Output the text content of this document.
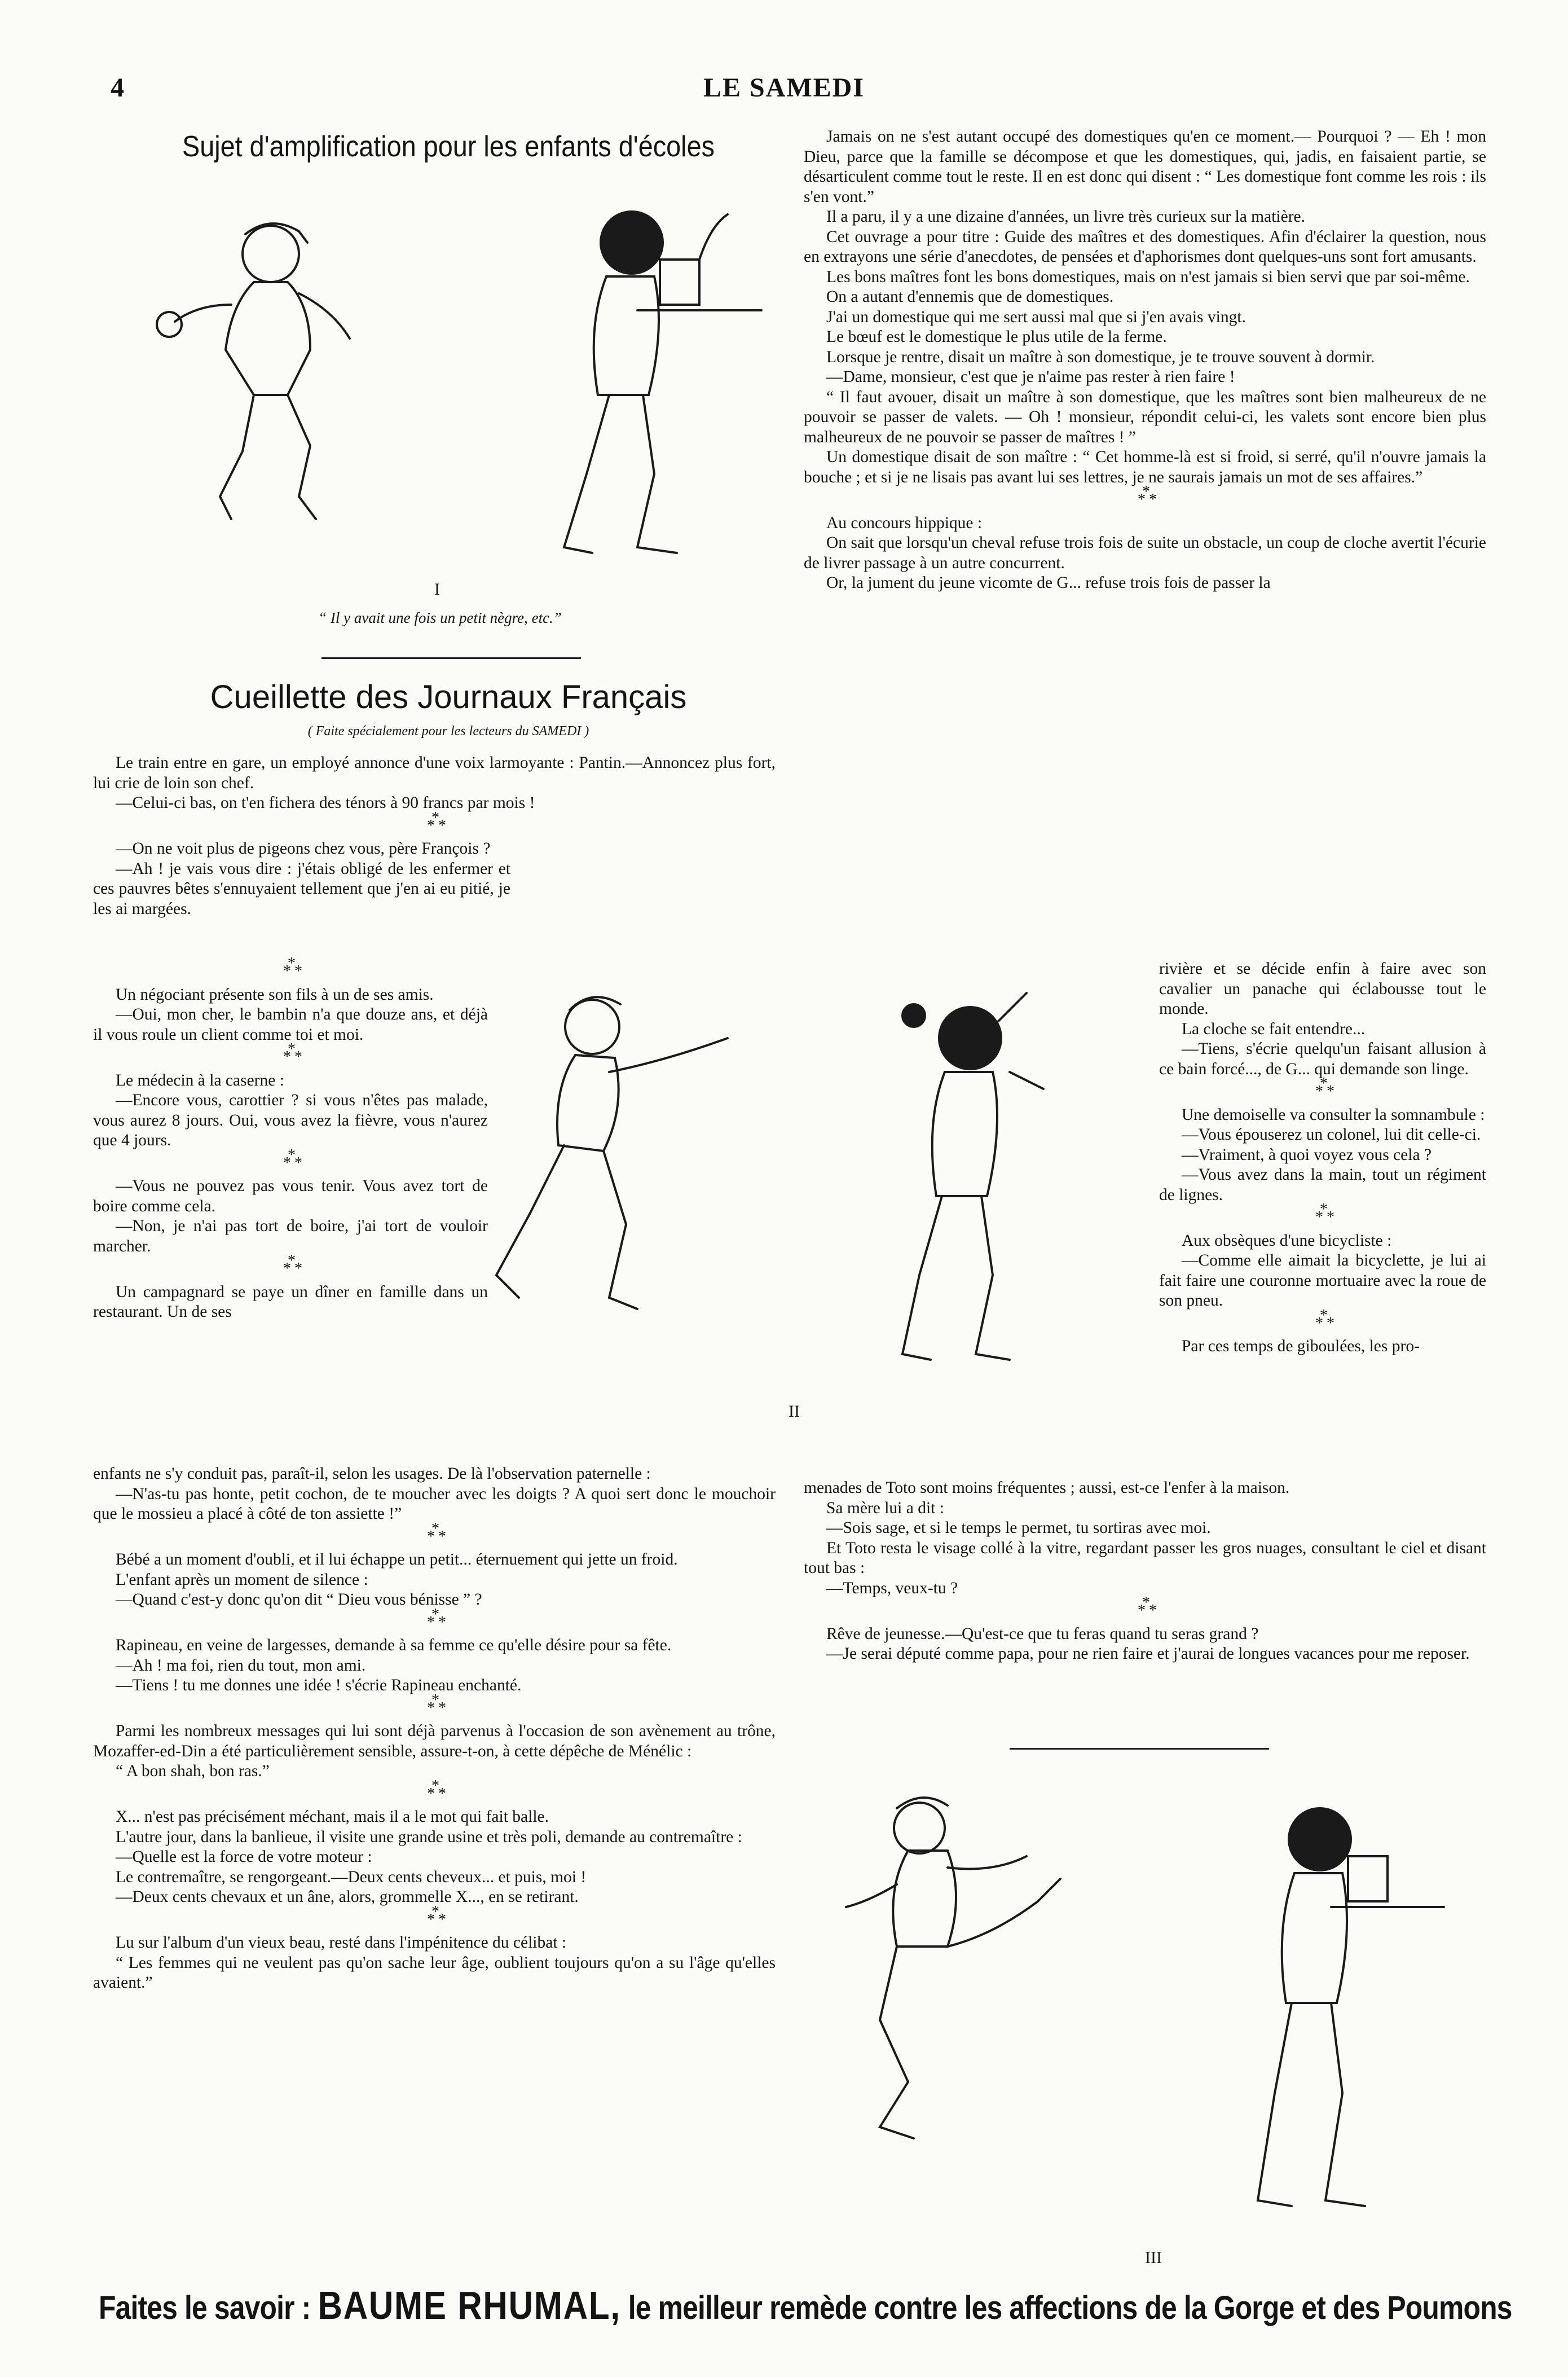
4	LE SAMEDI
Sujet d'amplification pour les enfants d'écoles
I
“ Il y avait une fois un petit nègre, etc.”
Cueillette des Journaux Français
( Faite spécialement pour les lecteurs du SAMEDI )

Le train entre en gare, un employé annonce d'une voix larmoyante : Pantin.—Annoncez plus fort, lui crie de loin son chef.

—Celui-ci bas, on t'en fichera des ténors à 90 francs par mois !

* **

—On ne voit plus de pigeons chez vous, père François ?

—Ah ! je vais vous dire : j'étais obligé de les enfermer et ces pauvres bêtes s'ennuyaient tellement que j'en ai eu pitié, je les ai margées.

* **

Un négociant présente son fils à un de ses amis.

—Oui, mon cher, le bambin n'a que douze ans, et déjà il vous roule un client comme toi et moi.

* **

Le médecin à la caserne :

—Encore vous, carottier ? si vous n'êtes pas malade, vous aurez 8 jours. Oui, vous avez la fièvre, vous n'aurez que 4 jours.

* **

—Vous ne pouvez pas vous tenir. Vous avez tort de boire comme cela.

—Non, je n'ai pas tort de boire, j'ai tort de vouloir marcher.

* **

Un campagnard se paye un dîner en famille dans un restaurant. Un de ses

II

enfants ne s'y conduit pas, paraît-il, selon les usages. De là l'observation paternelle :

—N'as-tu pas honte, petit cochon, de te moucher avec les doigts ? A quoi sert donc le mouchoir que le mossieu a placé à côté de ton assiette !”

* **

Bébé a un moment d'oubli, et il lui échappe un petit... éternuement qui jette un froid.

L'enfant après un moment de silence :

—Quand c'est-y donc qu'on dit “ Dieu vous bénisse ” ?

* **

Rapineau, en veine de largesses, demande à sa femme ce qu'elle désire pour sa fête.

—Ah ! ma foi, rien du tout, mon ami.

—Tiens ! tu me donnes une idée ! s'écrie Rapineau enchanté.

* **

Parmi les nombreux messages qui lui sont déjà parvenus à l'occasion de son avènement au trône, Mozaffer-ed-Din a été particulièrement sensible, assure-t-on, à cette dépêche de Ménélic :

“ A bon shah, bon ras.”

* **

X... n'est pas précisément méchant, mais il a le mot qui fait balle.

L'autre jour, dans la banlieue, il visite une grande usine et très poli, demande au contremaître :

—Quelle est la force de votre moteur :

Le contremaître, se rengorgeant.—Deux cents cheveux... et puis, moi !

—Deux cents chevaux et un âne, alors, grommelle X..., en se retirant.

* **

Lu sur l'album d'un vieux beau, resté dans l'impénitence du célibat :

“ Les femmes qui ne veulent pas qu'on sache leur âge, oublient toujours qu'on a su l'âge qu'elles avaient.”

Jamais on ne s'est autant occupé des domestiques qu'en ce moment.— Pourquoi ? — Eh ! mon Dieu, parce que la famille se décompose et que les domestiques, qui, jadis, en faisaient partie, se désarticulent comme tout le reste. Il en est donc qui disent : “ Les domestique font comme les rois : ils s'en vont.”

Il a paru, il y a une dizaine d'années, un livre très curieux sur la matière.

Cet ouvrage a pour titre : Guide des maîtres et des domestiques. Afin d'éclairer la question, nous en extrayons une série d'anecdotes, de pensées et d'aphorismes dont quelques-uns sont fort amusants.

Les bons maîtres font les bons domestiques, mais on n'est jamais si bien servi que par soi-même.

On a autant d'ennemis que de domestiques.

J'ai un domestique qui me sert aussi mal que si j'en avais vingt.

Le bœuf est le domestique le plus utile de la ferme.

Lorsque je rentre, disait un maître à son domestique, je te trouve souvent à dormir.

—Dame, monsieur, c'est que je n'aime pas rester à rien faire !

“ Il faut avouer, disait un maître à son domestique, que les maîtres sont bien malheureux de ne pouvoir se passer de valets. — Oh ! monsieur, répondit celui-ci, les valets sont encore bien plus malheureux de ne pouvoir se passer de maîtres ! ”

Un domestique disait de son maître : “ Cet homme-là est si froid, si serré, qu'il n'ouvre jamais la bouche ; et si je ne lisais pas avant lui ses lettres, je ne saurais jamais un mot de ses affaires.”

* **

Au concours hippique :

On sait que lorsqu'un cheval refuse trois fois de suite un obstacle, un coup de cloche avertit l'écurie de livrer passage à un autre concurrent.

Or, la jument du jeune vicomte de G... refuse trois fois de passer la

rivière et se décide enfin à faire avec son cavalier un panache qui éclabousse tout le monde.

La cloche se fait entendre...

—Tiens, s'écrie quelqu'un faisant allusion à ce bain forcé..., de G... qui demande son linge.

* **

Une demoiselle va consulter la somnambule :

—Vous épouserez un colonel, lui dit celle-ci.

—Vraiment, à quoi voyez vous cela ?

—Vous avez dans la main, tout un régiment de lignes.

* **

Aux obsèques d'une bicycliste :

—Comme elle aimait la bicyclette, je lui ai fait faire une couronne mortuaire avec la roue de son pneu.

* **

Par ces temps de giboulées, les pro-

menades de Toto sont moins fréquentes ; aussi, est-ce l'enfer à la maison.

Sa mère lui a dit :

—Sois sage, et si le temps le permet, tu sortiras avec moi.

Et Toto resta le visage collé à la vitre, regardant passer les gros nuages, consultant le ciel et disant tout bas :

—Temps, veux-tu ?

* **

Rêve de jeunesse.—Qu'est-ce que tu feras quand tu seras grand ?

—Je serai député comme papa, pour ne rien faire et j'aurai de longues vacances pour me reposer.

III
Faites le savoir : BAUME RHUMAL, le meilleur remède contre les affections de la Gorge et des Poumons
